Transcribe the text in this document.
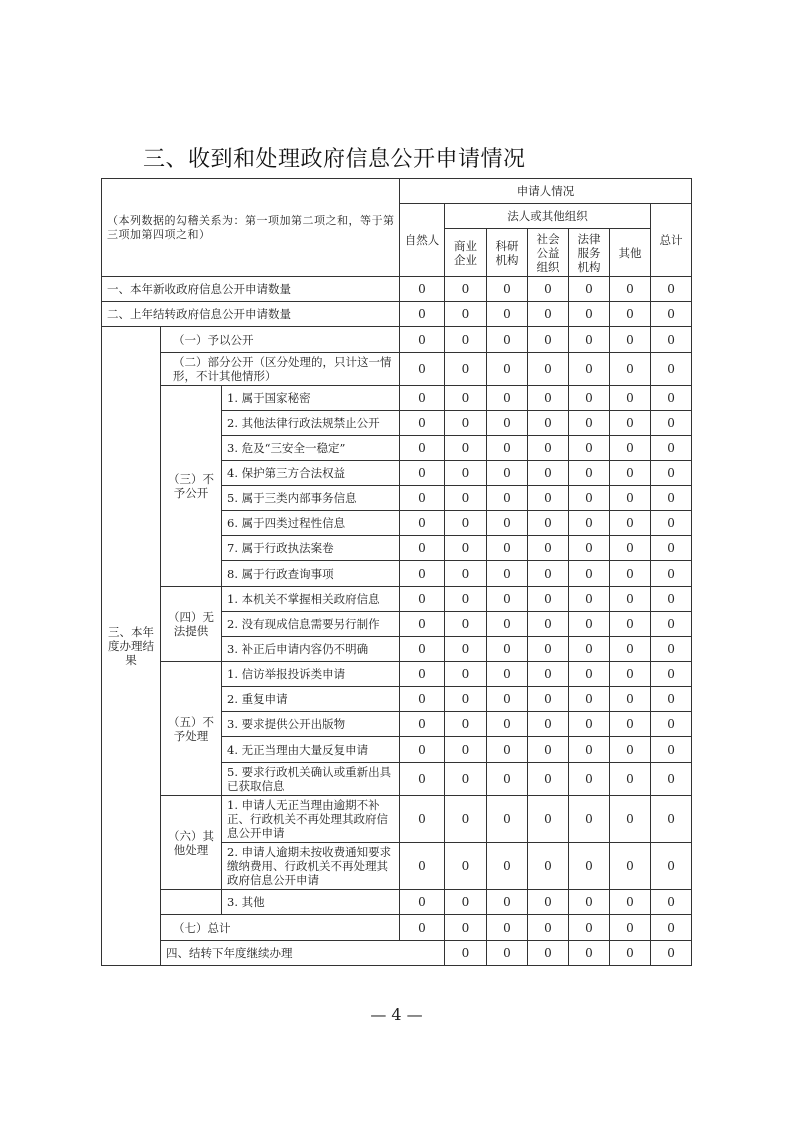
三、收到和处理政府信息公开申请情况
（本列数据的勾稽关系为：第一项加第二项之和，等于第三项加第四项之和）			申请人情况							
			自然人	法人或其他组织					总计	
				商业企业	科研机构	社会公益组织	法律服务机构	其他		
一、本年新收政府信息公开申请数量			0	0	0	0	0	0	0	
二、上年结转政府信息公开申请数量			0	0	0	0	0	0	0	
三、本年度办理结果	（一）予以公开		0	0	0	0	0	0	0	
	（二）部分公开（区分处理的，只计这一情形，不计其他情形）		0	0	0	0	0	0	0	
	（三）不予公开	1. 属于国家秘密	0	0	0	0	0	0	0	
		2. 其他法律行政法规禁止公开	0	0	0	0	0	0	0	
		3. 危及“三安全一稳定”	0	0	0	0	0	0	0	
		4. 保护第三方合法权益	0	0	0	0	0	0	0	
		5. 属于三类内部事务信息	0	0	0	0	0	0	0	
		6. 属于四类过程性信息	0	0	0	0	0	0	0	
		7. 属于行政执法案卷	0	0	0	0	0	0	0	
		8. 属于行政查询事项	0	0	0	0	0	0	0	
	（四）无法提供	1. 本机关不掌握相关政府信息	0	0	0	0	0	0	0	
		2. 没有现成信息需要另行制作	0	0	0	0	0	0	0	
		3. 补正后申请内容仍不明确	0	0	0	0	0	0	0	
	（五）不予处理	1. 信访举报投诉类申请	0	0	0	0	0	0	0	
		2. 重复申请	0	0	0	0	0	0	0	
		3. 要求提供公开出版物	0	0	0	0	0	0	0	
		4. 无正当理由大量反复申请	0	0	0	0	0	0	0	
		5. 要求行政机关确认或重新出具已获取信息	0	0	0	0	0	0	0	
	（六）其他处理	1. 申请人无正当理由逾期不补正、行政机关不再处理其政府信息公开申请	0	0	0	0	0	0	0	
		2. 申请人逾期未按收费通知要求缴纳费用、行政机关不再处理其政府信息公开申请	0	0	0	0	0	0	0	
		3. 其他	0	0	0	0	0	0	0	
	（七）总计		0	0	0	0	0	0	0	
	四、结转下年度继续办理			0	0	0	0	0	0	
— 4 —
